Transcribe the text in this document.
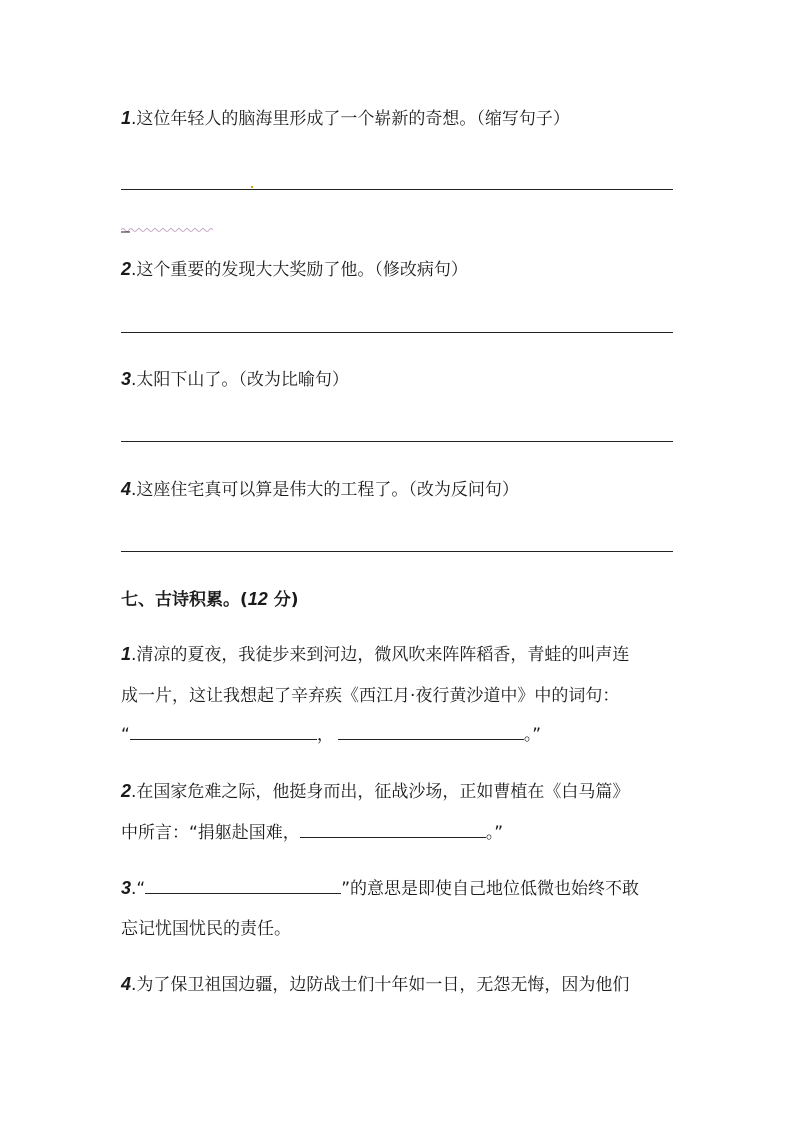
1.这位年轻人的脑海里形成了一个崭新的奇想。（缩写句子）
2.这个重要的发现大大奖励了他。（修改病句）
3.太阳下山了。（改为比喻句）
4.这座住宅真可以算是伟大的工程了。（改为反问句）
七、古诗积累。(12 分)
1.清凉的夏夜，我徒步来到河边，微风吹来阵阵稻香，青蛙的叫声连
成一片，这让我想起了辛弃疾《西江月·夜行黄沙道中》中的词句：
“	，	。”
2.在国家危难之际，他挺身而出，征战沙场，正如曹植在《白马篇》
中所言：“捐躯赴国难，	。”
3.“	”的意思是即使自己地位低微也始终不敢
忘记忧国忧民的责任。
4.为了保卫祖国边疆，边防战士们十年如一日，无怨无悔，因为他们
